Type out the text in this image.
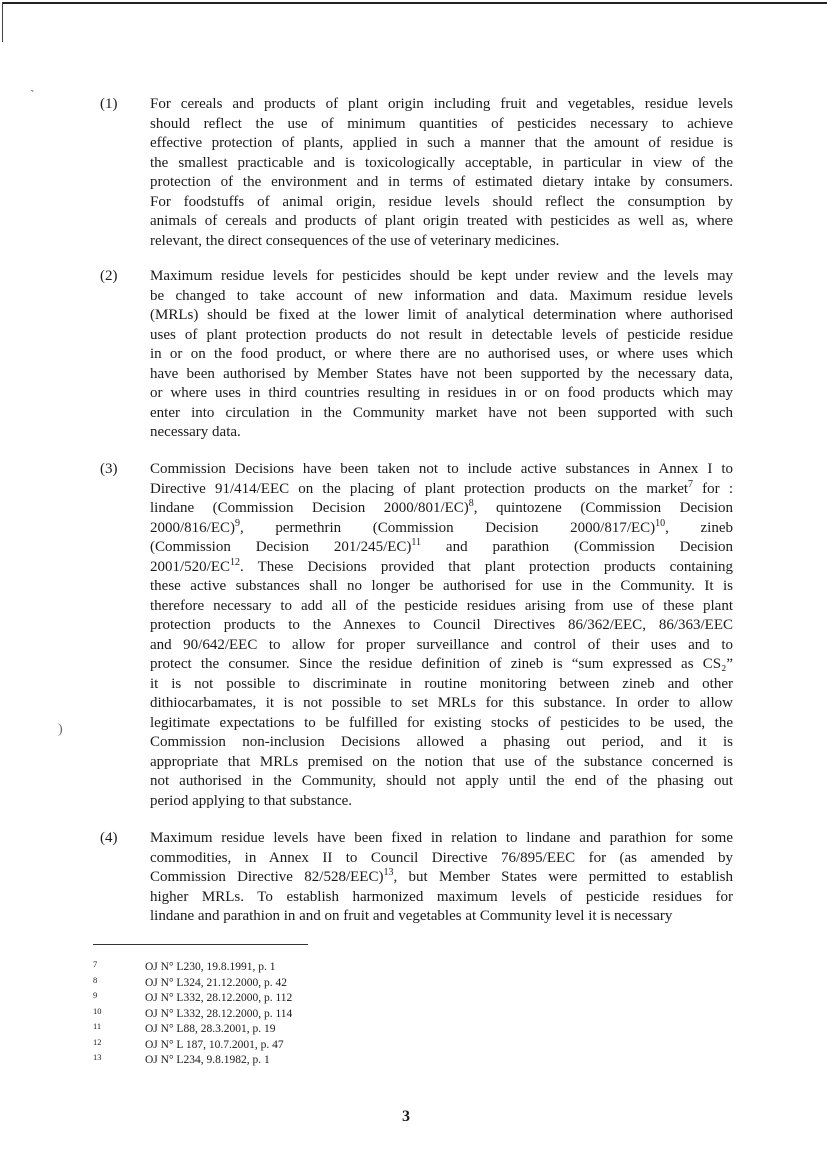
ˎ
)
(1)	For cereals and products of plant origin including fruit and vegetables, residue levels
should reflect the use of minimum quantities of pesticides necessary to achieve
effective protection of plants, applied in such a manner that the amount of residue is
the smallest practicable and is toxicologically acceptable, in particular in view of the
protection of the environment and in terms of estimated dietary intake by consumers.
For foodstuffs of animal origin, residue levels should reflect the consumption by
animals of cereals and products of plant origin treated with pesticides as well as, where
relevant, the direct consequences of the use of veterinary medicines.
(2)	Maximum residue levels for pesticides should be kept under review and the levels may
be changed to take account of new information and data. Maximum residue levels
(MRLs) should be fixed at the lower limit of analytical determination where authorised
uses of plant protection products do not result in detectable levels of pesticide residue
in or on the food product, or where there are no authorised uses, or where uses which
have been authorised by Member States have not been supported by the necessary data,
or where uses in third countries resulting in residues in or on food products which may
enter into circulation in the Community market have not been supported with such
necessary data.
(3)	Commission Decisions have been taken not to include active substances in Annex I to
Directive 91/414/EEC on the placing of plant protection products on the market$^7$ for :
lindane (Commission Decision 2000/801/EC)$^8$, quintozene (Commission Decision
2000/816/EC)$^9$, permethrin (Commission Decision 2000/817/EC)$^{10}$, zineb
(Commission Decision 201/245/EC)$^{11}$ and parathion (Commission Decision
2001/520/EC$^{12}$. These Decisions provided that plant protection products containing
these active substances shall no longer be authorised for use in the Community. It is
therefore necessary to add all of the pesticide residues arising from use of these plant
protection products to the Annexes to Council Directives 86/362/EEC, 86/363/EEC
and 90/642/EEC to allow for proper surveillance and control of their uses and to
protect the consumer. Since the residue definition of zineb is “sum expressed as CS₂”
it is not possible to discriminate in routine monitoring between zineb and other
dithiocarbamates, it is not possible to set MRLs for this substance. In order to allow
legitimate expectations to be fulfilled for existing stocks of pesticides to be used, the
Commission non-inclusion Decisions allowed a phasing out period, and it is
appropriate that MRLs premised on the notion that use of the substance concerned is
not authorised in the Community, should not apply until the end of the phasing out
period applying to that substance.
(4)	Maximum residue levels have been fixed in relation to lindane and parathion for some
commodities, in Annex II to Council Directive 76/895/EEC for (as amended by
Commission Directive 82/528/EEC)$^{13}$, but Member States were permitted to establish
higher MRLs. To establish harmonized maximum levels of pesticide residues for
lindane and parathion in and on fruit and vegetables at Community level it is necessary
7	OJ N° L230, 19.8.1991, p. 1
8	OJ N° L324, 21.12.2000, p. 42
9	OJ N° L332, 28.12.2000, p. 112
10	OJ N° L332, 28.12.2000, p. 114
11	OJ N° L88, 28.3.2001, p. 19
12	OJ N° L 187, 10.7.2001, p. 47
13	OJ N° L234, 9.8.1982, p. 1
3
